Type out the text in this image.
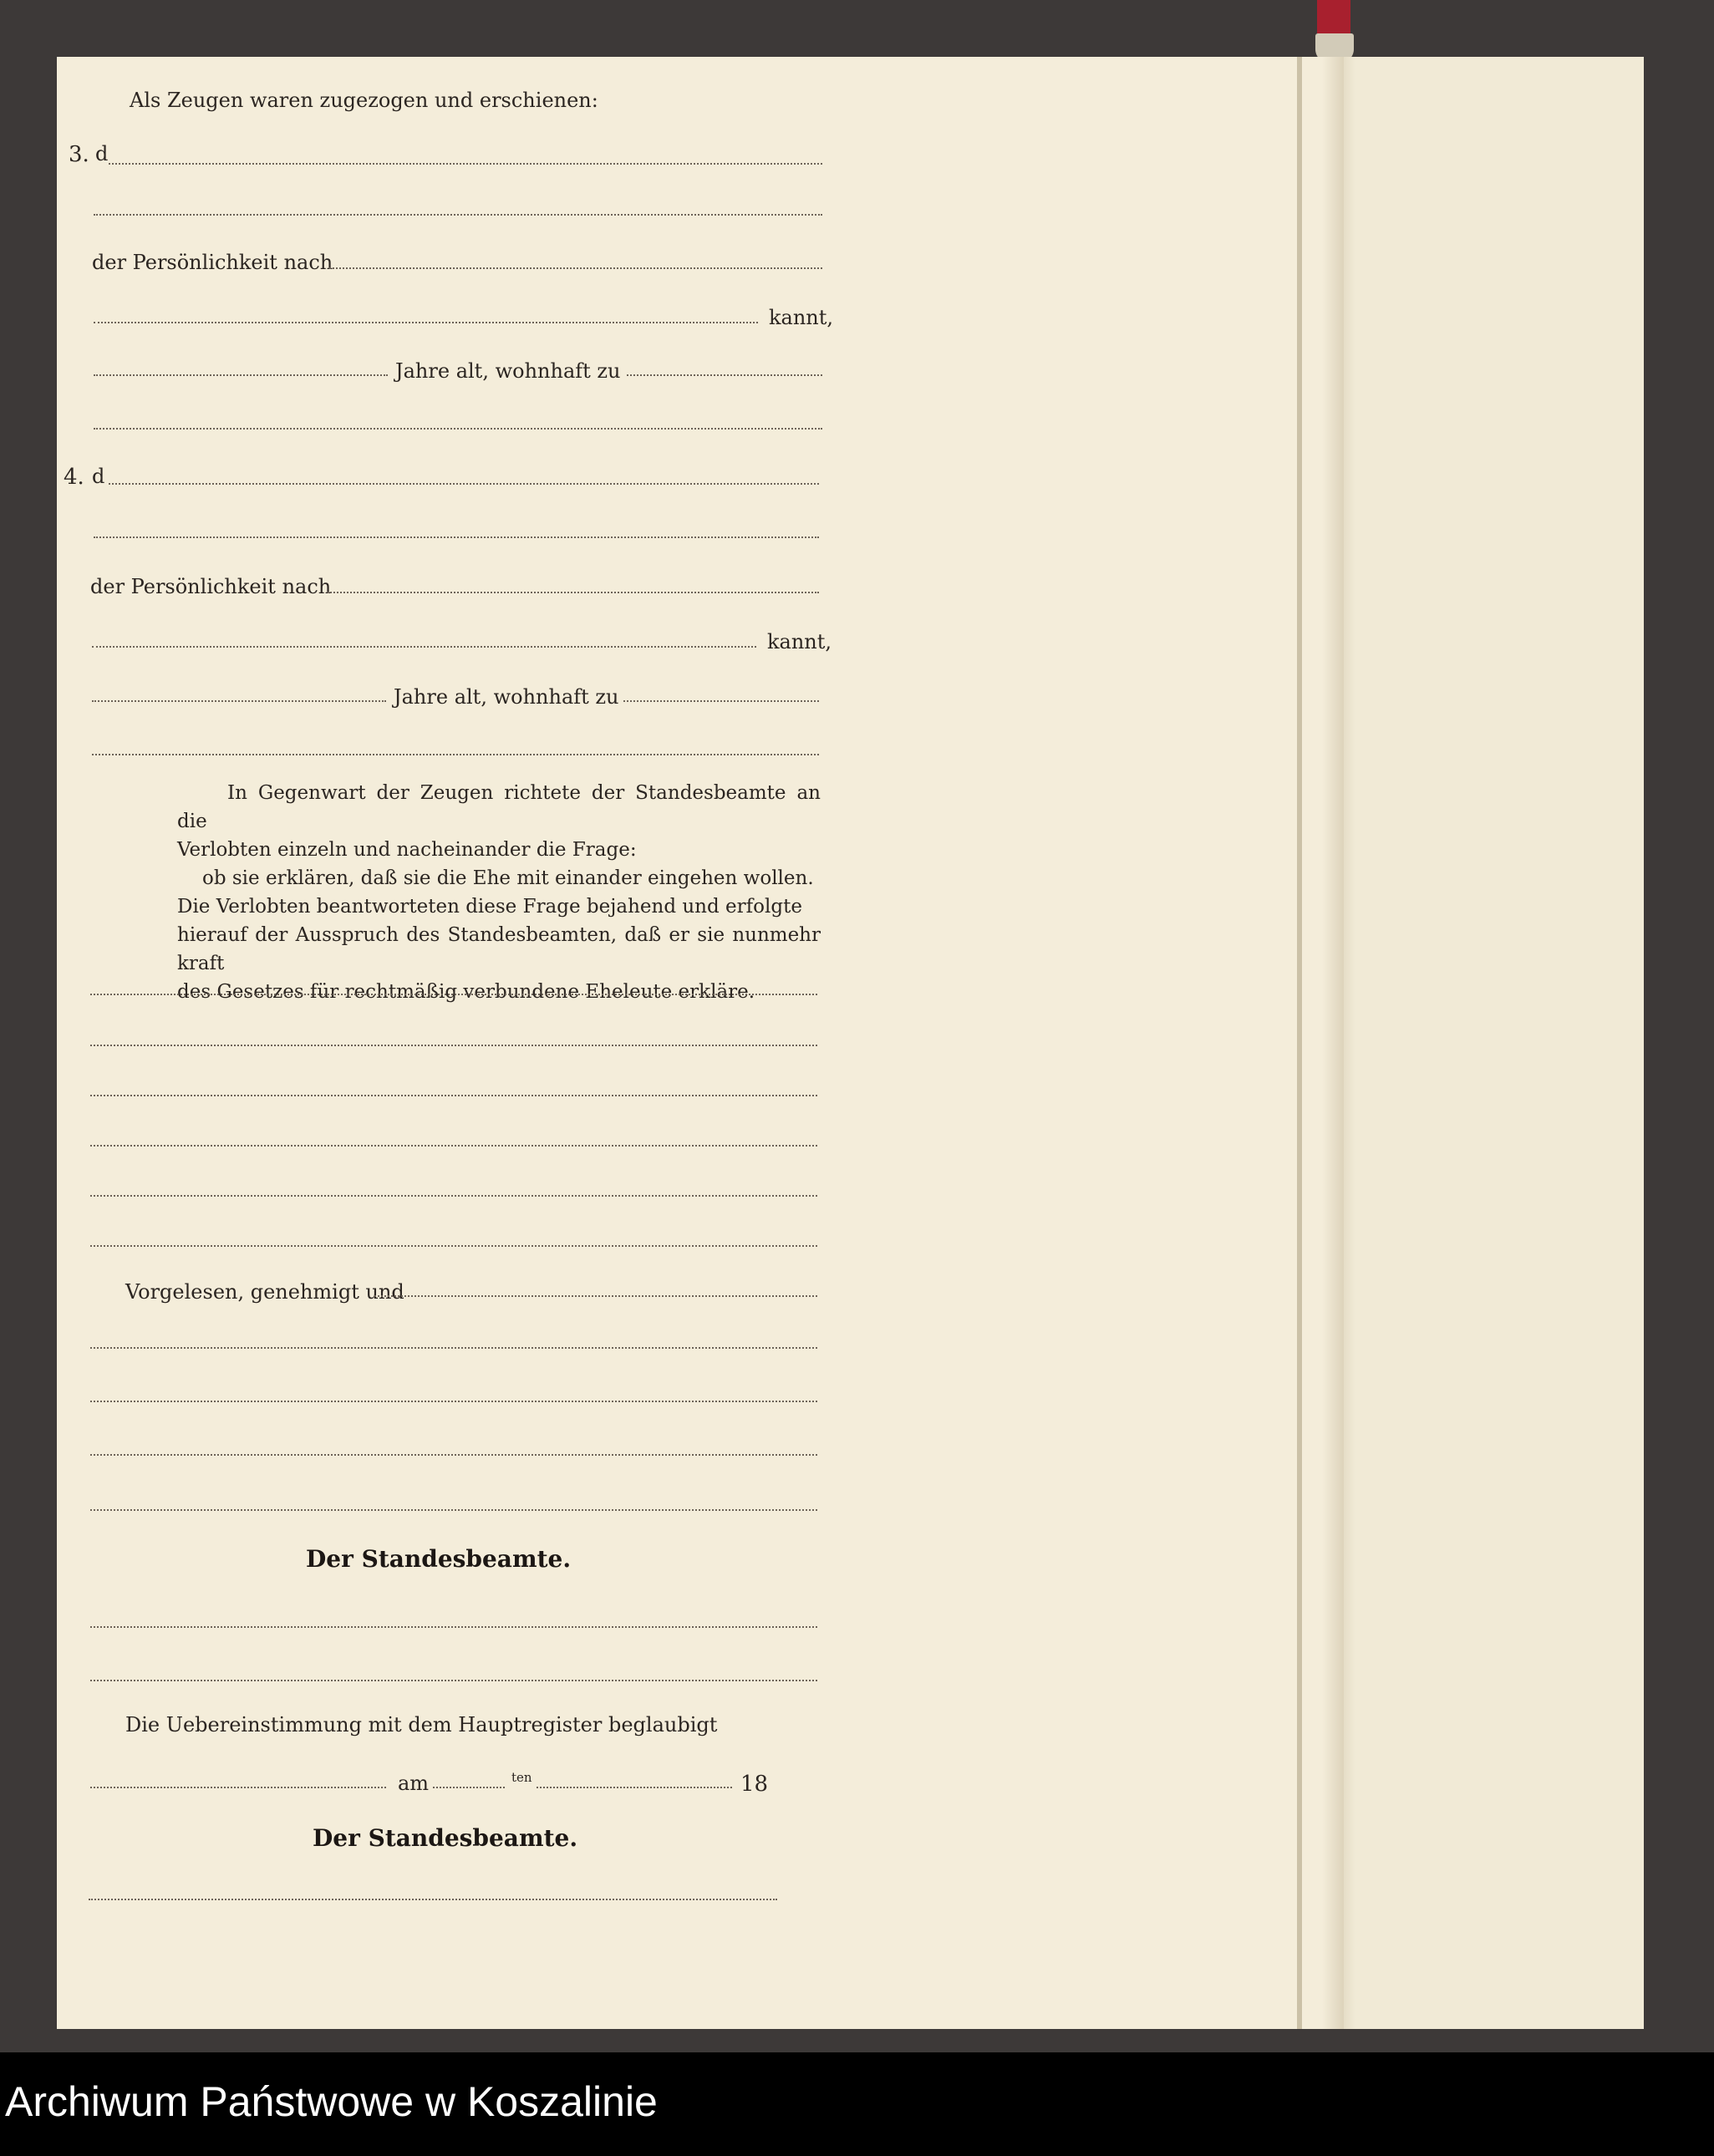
Als Zeugen waren zugezogen und erschienen:
3. d
der Persönlichkeit nach
kannt,
Jahre alt, wohnhaft zu
4. d
der Persönlichkeit nach
kannt,
Jahre alt, wohnhaft zu
In Gegenwart der Zeugen richtete der Standesbeamte an die
Verlobten einzeln und nacheinander die Frage:
ob sie erklären, daß sie die Ehe mit einander eingehen wollen.
Die Verlobten beantworteten diese Frage bejahend und erfolgte
hierauf der Ausspruch des Standesbeamten, daß er sie nunmehr kraft
des Gesetzes für rechtmäßig verbundene Eheleute erkläre.
Vorgelesen, genehmigt und
Der Standesbeamte.
Die Uebereinstimmung mit dem Hauptregister beglaubigt
am	ten	18
Der Standesbeamte.
Archiwum Państwowe w Koszalinie
